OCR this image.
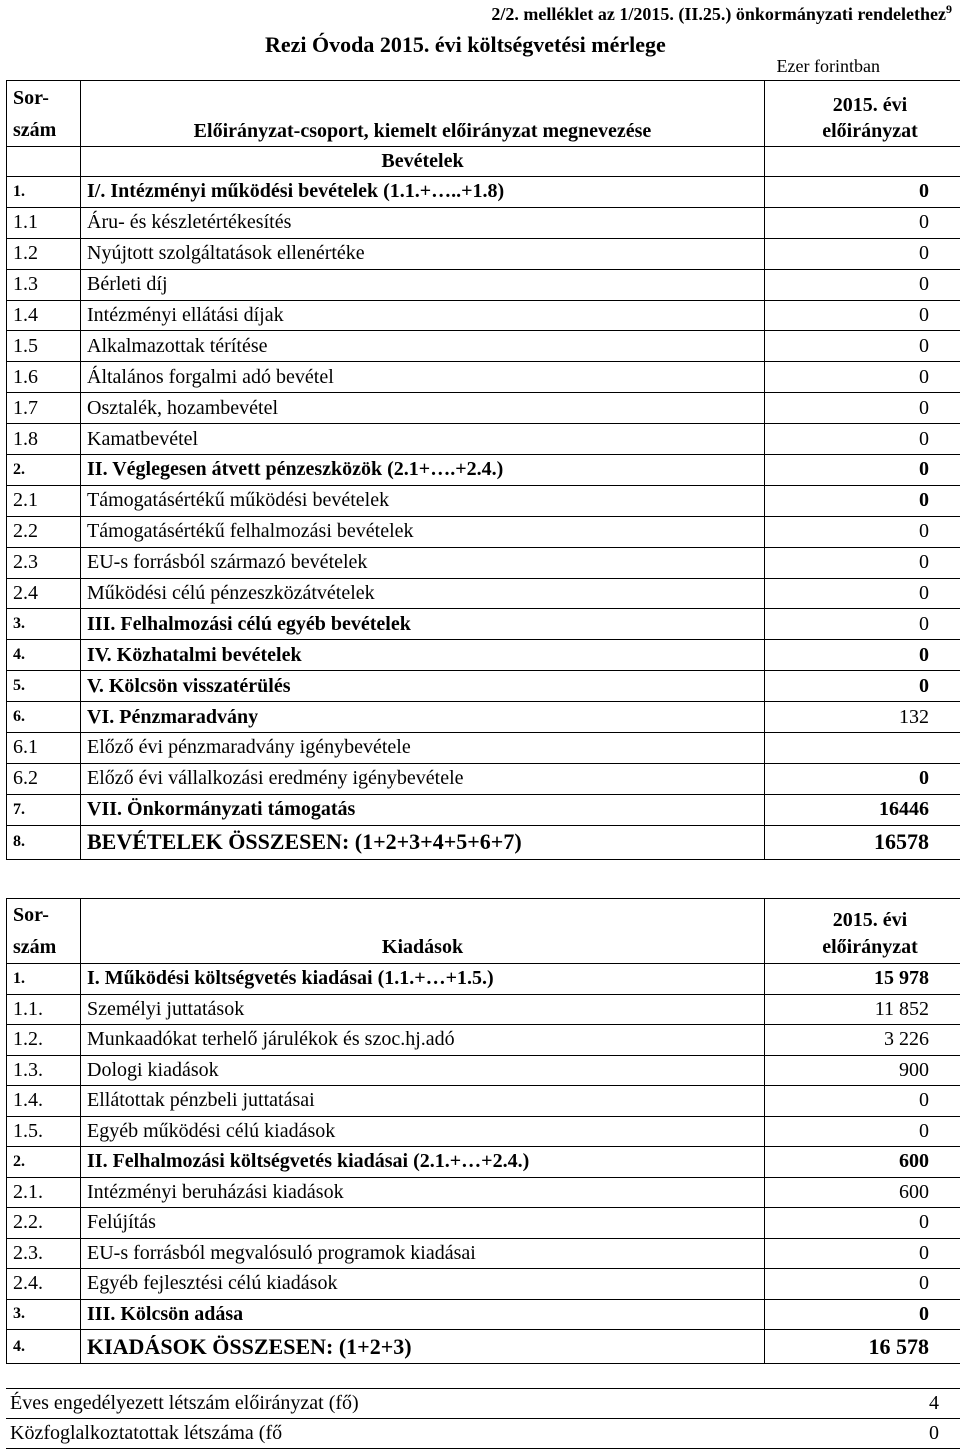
2/2. melléklet az 1/2015. (II.25.) önkormányzati rendelethez$^9$
Rezi Óvoda 2015. évi költségvetési mérlege
Ezer forintban
Sor-
szám		2015. évi
	Előirányzat-csoport, kiemelt előirányzat megnevezése	előirányzat
	Bevételek	
1.	I/. Intézményi működési bevételek (1.1.+…..+1.8)	0
1.1	Áru- és készletértékesítés	0
1.2	Nyújtott szolgáltatások ellenértéke	0
1.3	Bérleti díj	0
1.4	Intézményi ellátási díjak	0
1.5	Alkalmazottak térítése	0
1.6	Általános forgalmi adó bevétel	0
1.7	Osztalék, hozambevétel	0
1.8	Kamatbevétel	0
2.	II. Véglegesen átvett pénzeszközök (2.1+….+2.4.)	0
2.1	Támogatásértékű működési bevételek	0
2.2	Támogatásértékű felhalmozási bevételek	0
2.3	EU-s forrásból származó bevételek	0
2.4	Működési célú pénzeszközátvételek	0
3.	III. Felhalmozási célú egyéb bevételek	0
4.	IV. Közhatalmi bevételek	0
5.	V. Kölcsön visszatérülés	0
6.	VI. Pénzmaradvány	132
6.1	Előző évi pénzmaradvány igénybevétele	
6.2	Előző évi vállalkozási eredmény igénybevétele	0
7.	VII. Önkormányzati támogatás	16446
8.	BEVÉTELEK ÖSSZESEN: (1+2+3+4+5+6+7)	16578
Sor-
szám	Kiadások	2015. évi
		előirányzat
1.	I. Működési költségvetés kiadásai (1.1.+…+1.5.)	15 978
1.1.	Személyi juttatások	11 852
1.2.	Munkaadókat terhelő járulékok és szoc.hj.adó	3 226
1.3.	Dologi kiadások	900
1.4.	Ellátottak pénzbeli juttatásai	0
1.5.	Egyéb működési célú kiadások	0
2.	II. Felhalmozási költségvetés kiadásai (2.1.+…+2.4.)	600
2.1.	Intézményi beruházási kiadások	600
2.2.	Felújítás	0
2.3.	EU-s forrásból megvalósuló programok kiadásai	0
2.4.	Egyéb fejlesztési célú kiadások	0
3.	III. Kölcsön adása	0
4.	KIADÁSOK ÖSSZESEN: (1+2+3)	16 578
Éves engedélyezett létszám előirányzat (fő)	4
Közfoglalkoztatottak létszáma (fő	0
